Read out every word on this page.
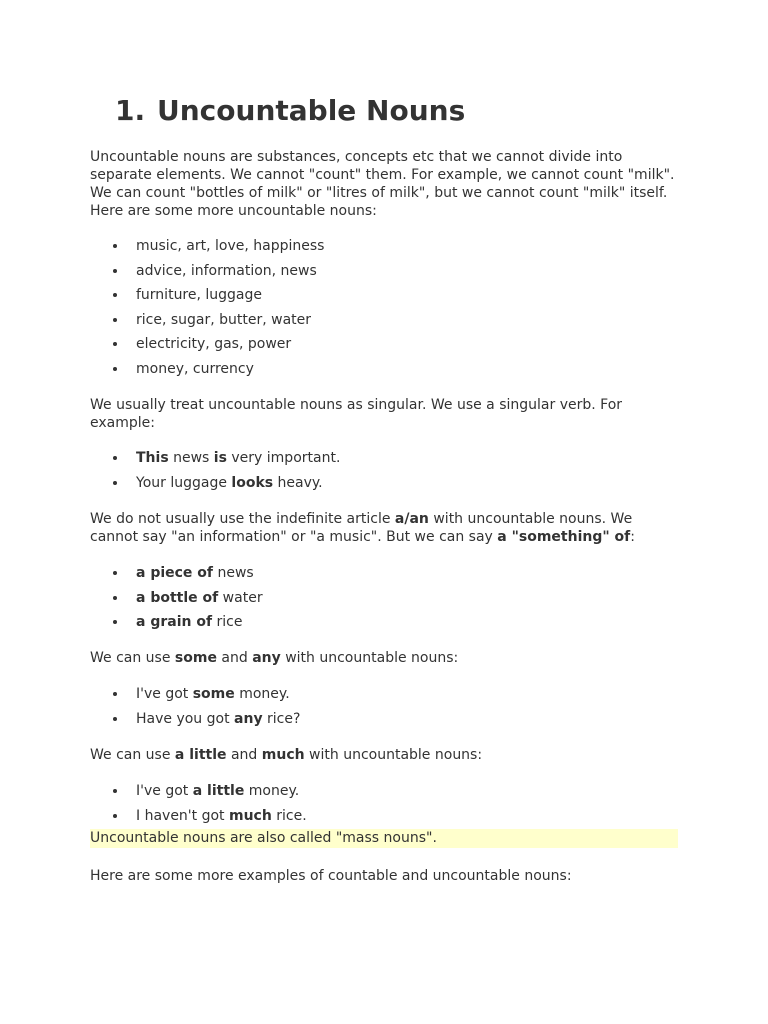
1. Uncountable Nouns

Uncountable nouns are substances, concepts etc that we cannot divide into separate elements. We cannot "count" them. For example, we cannot count "milk". We can count "bottles of milk" or "litres of milk", but we cannot count "milk" itself. Here are some more uncountable nouns:

music, art, love, happiness
advice, information, news
furniture, luggage
rice, sugar, butter, water
electricity, gas, power
money, currency

We usually treat uncountable nouns as singular. We use a singular verb. For example:

This news is very important.
Your luggage looks heavy.

We do not usually use the indefinite article a/an with uncountable nouns. We cannot say "an information" or "a music". But we can say a "something" of:

a piece of news
a bottle of water
a grain of rice

We can use some and any with uncountable nouns:

I've got some money.
Have you got any rice?

We can use a little and much with uncountable nouns:

I've got a little money.
I haven't got much rice.

Uncountable nouns are also called "mass nouns".

Here are some more examples of countable and uncountable nouns:
